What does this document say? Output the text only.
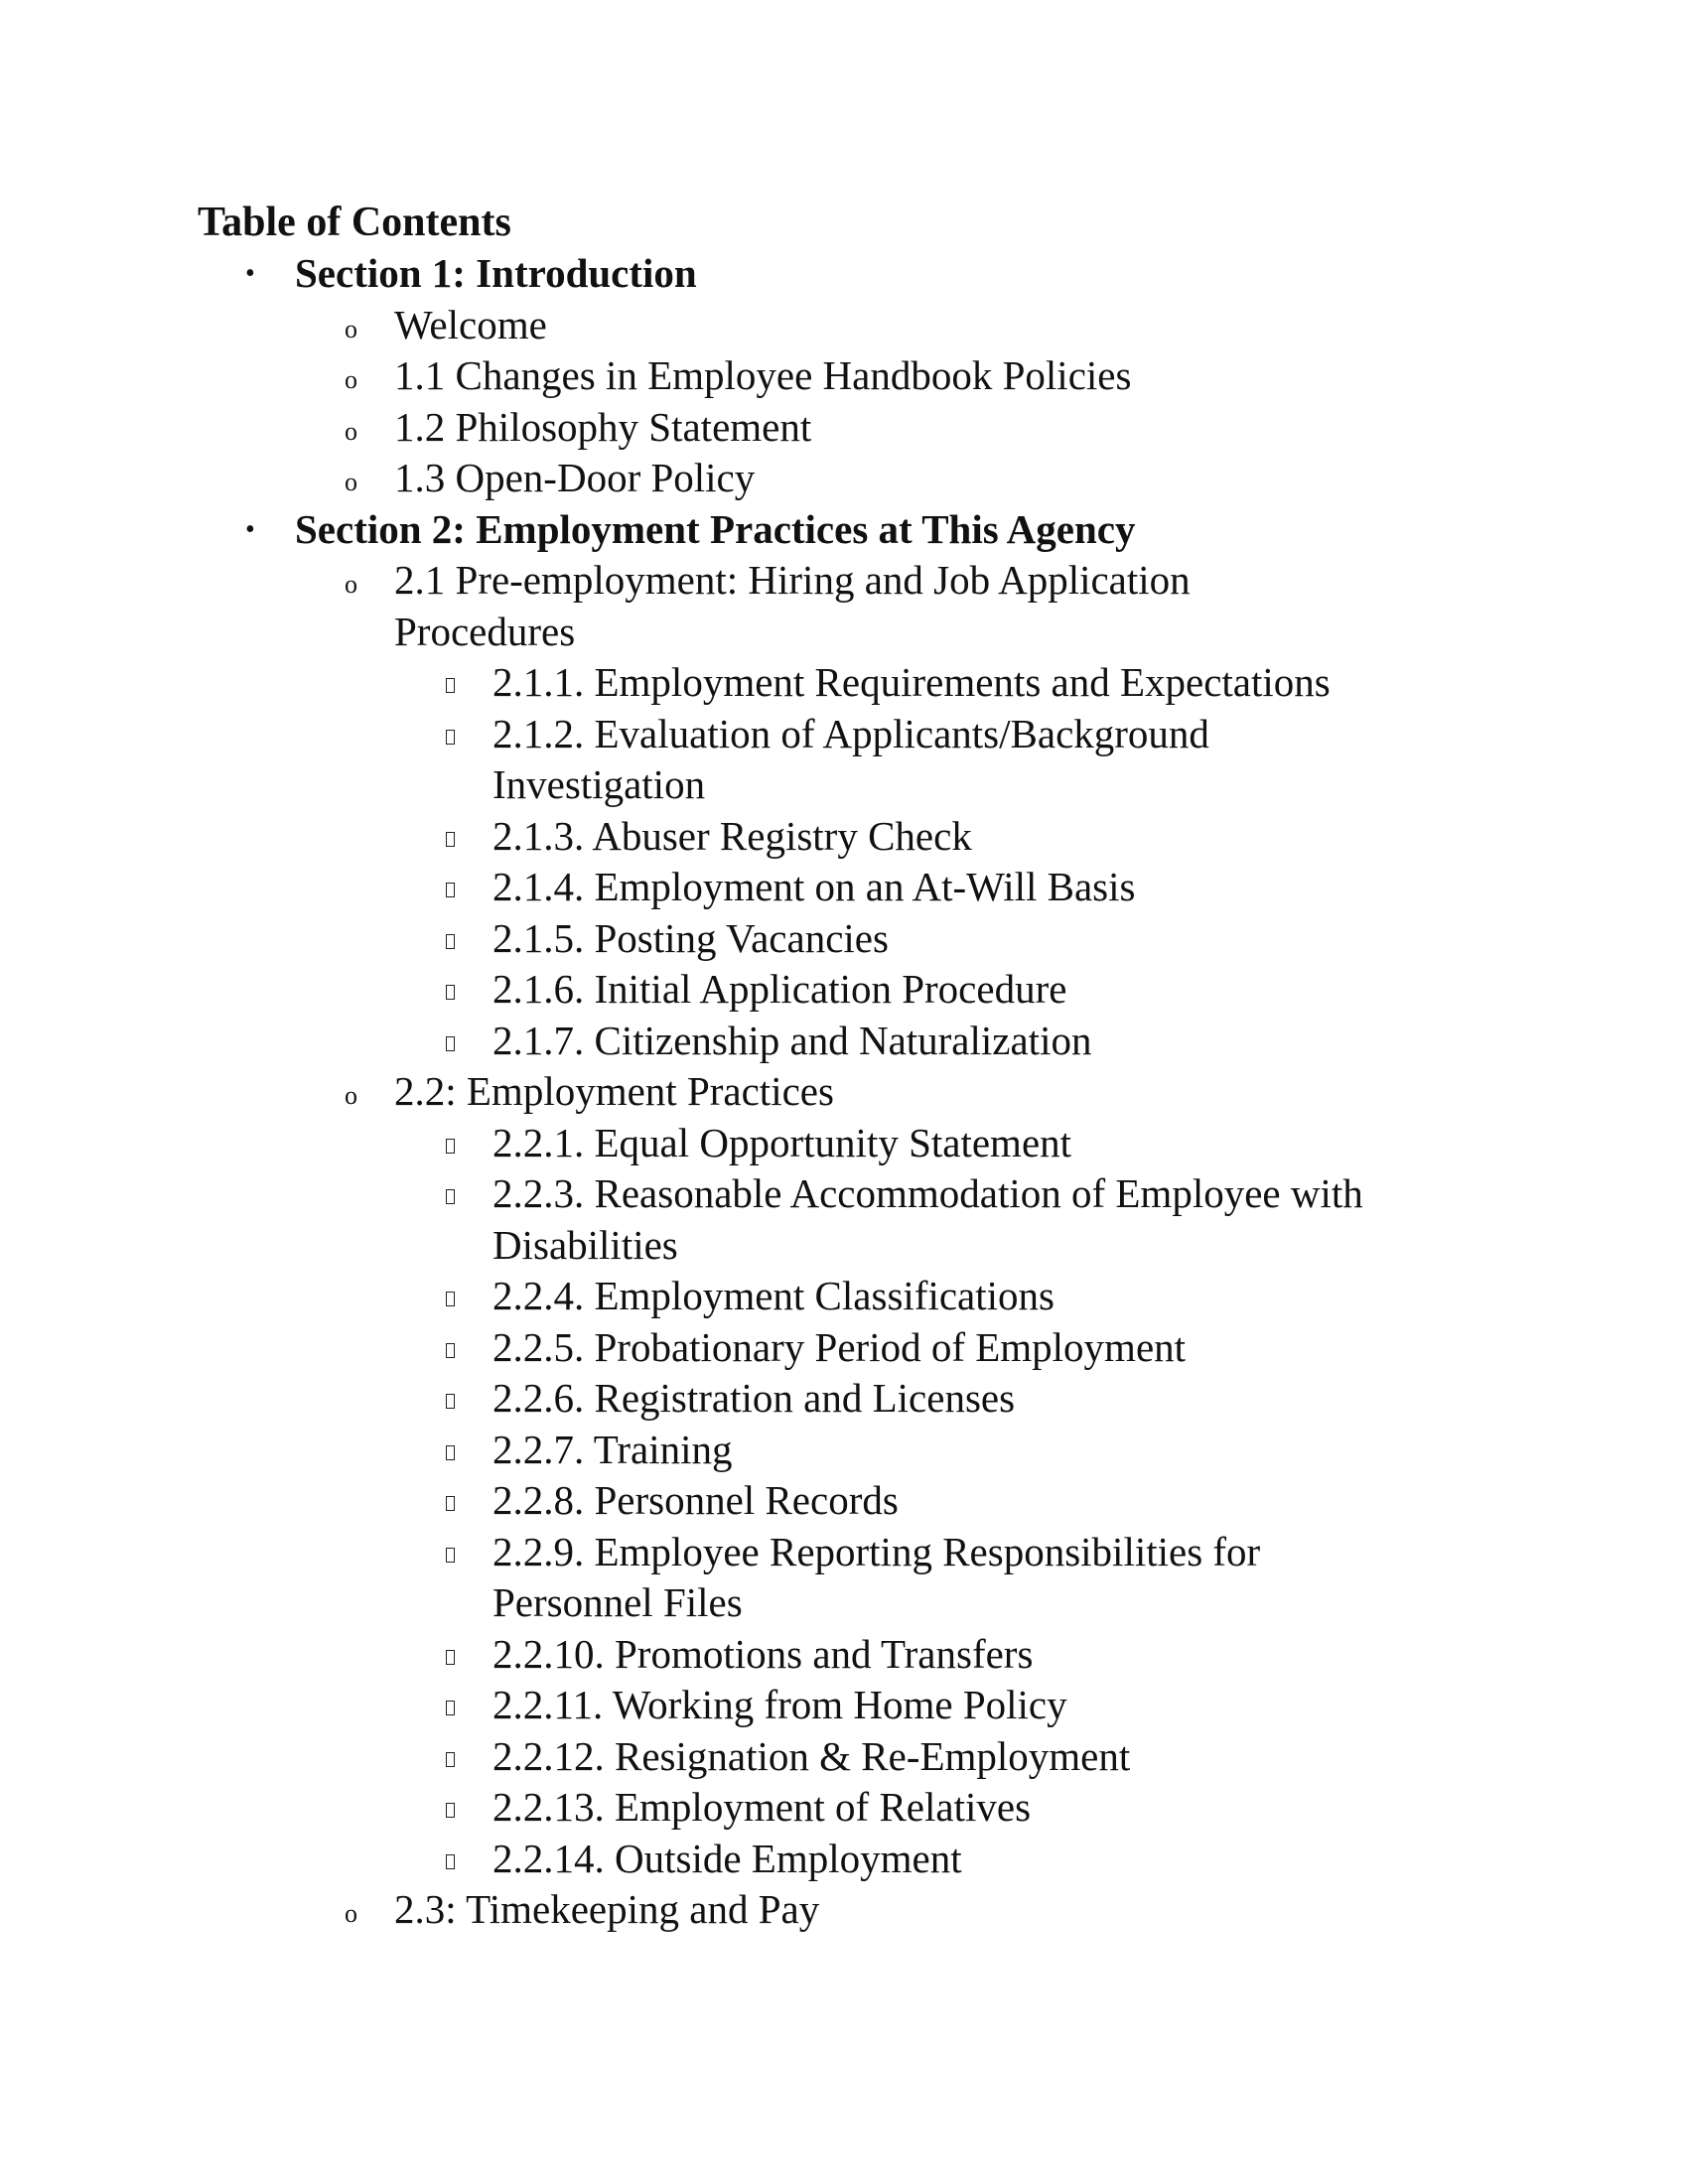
Table of Contents
• Section 1: Introduction
o Welcome
o 1.1 Changes in Employee Handbook Policies
o 1.2 Philosophy Statement
o 1.3 Open-Door Policy
• Section 2: Employment Practices at This Agency
o 2.1 Pre-employment: Hiring and Job Application
Procedures
2.1.1. Employment Requirements and Expectations
2.1.2. Evaluation of Applicants/Background
Investigation
2.1.3. Abuser Registry Check
2.1.4. Employment on an At-Will Basis
2.1.5. Posting Vacancies
2.1.6. Initial Application Procedure
2.1.7. Citizenship and Naturalization
o 2.2: Employment Practices
2.2.1. Equal Opportunity Statement
2.2.3. Reasonable Accommodation of Employee with
Disabilities
2.2.4. Employment Classifications
2.2.5. Probationary Period of Employment
2.2.6. Registration and Licenses
2.2.7. Training
2.2.8. Personnel Records
2.2.9. Employee Reporting Responsibilities for
Personnel Files
2.2.10. Promotions and Transfers
2.2.11. Working from Home Policy
2.2.12. Resignation & Re-Employment
2.2.13. Employment of Relatives
2.2.14. Outside Employment
o 2.3: Timekeeping and Pay
